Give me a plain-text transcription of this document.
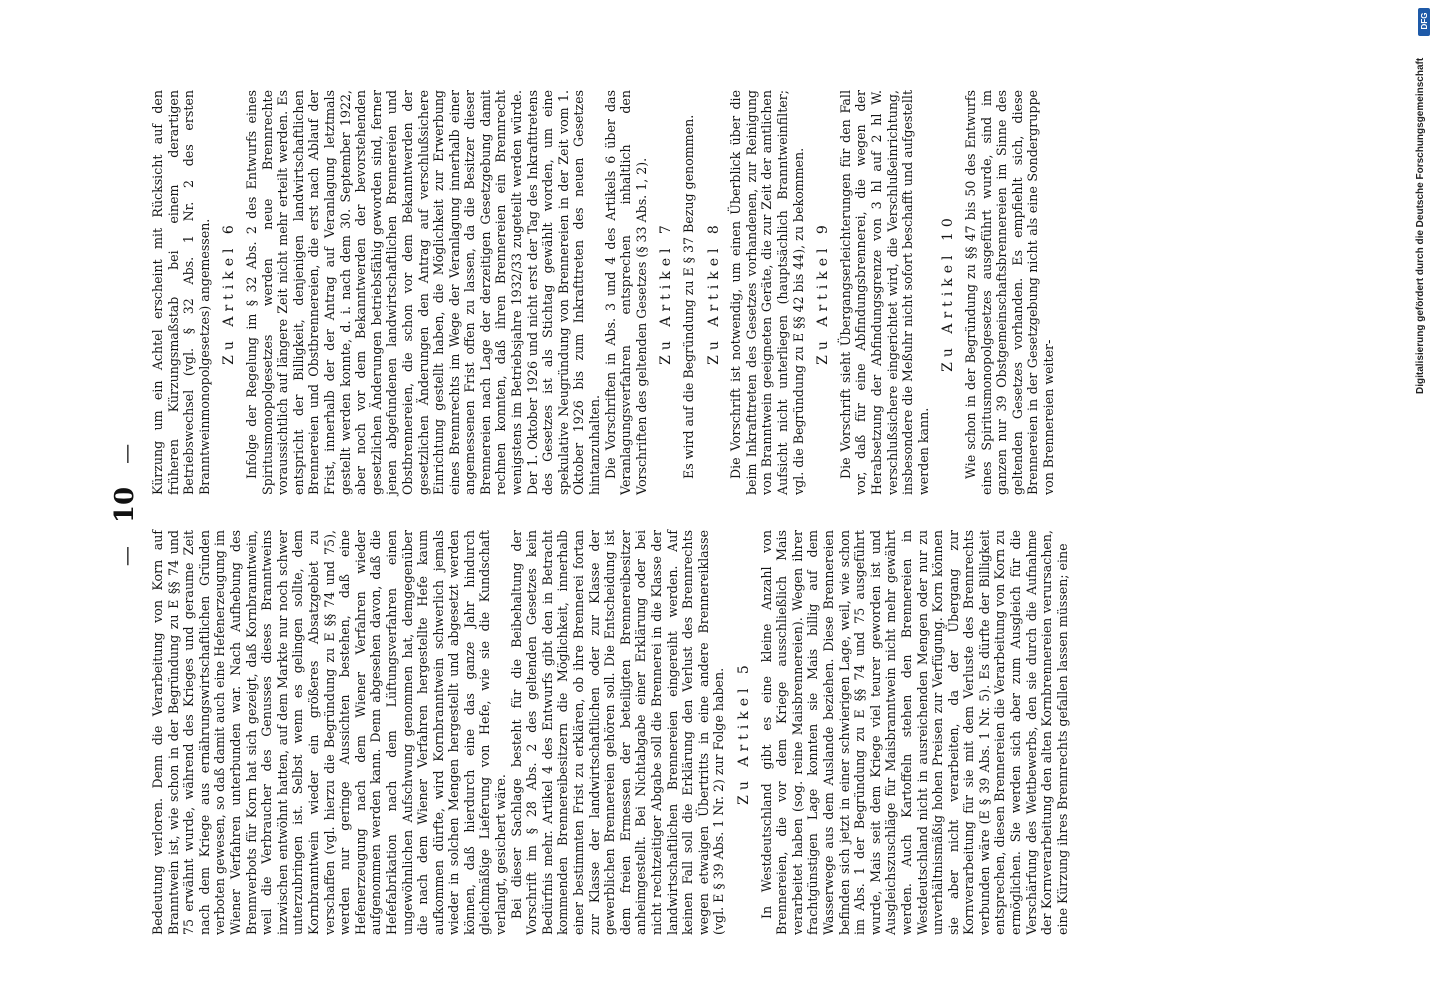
— 10 —

Bedeutung verloren. Denn die Verarbeitung von Korn auf Branntwein ist, wie schon in der Begründung zu E §§ 74 und 75 erwähnt wurde, während des Krieges und geraume Zeit nach dem Kriege aus ernährungswirtschaftlichen Gründen verboten gewesen, so daß damit auch eine Hefenerzeugung im Wiener Verfahren unterbunden war. Nach Aufhebung des Brennverbots für Korn hat sich gezeigt, daß Kornbranntwein, weil die Verbraucher des Genusses dieses Branntweins inzwischen entwöhnt hatten, auf dem Markte nur noch schwer unterzubringen ist. Selbst wenn es gelingen sollte, dem Kornbranntwein wieder ein größeres Absatzgebiet zu verschaffen (vgl. hierzu die Begründung zu E §§ 74 und 75), werden nur geringe Aussichten bestehen, daß eine Hefenerzeugung nach dem Wiener Verfahren wieder aufgenommen werden kann. Denn abgesehen davon, daß die Hefefabrikation nach dem Lüftungsverfahren einen ungewöhnlichen Aufschwung genommen hat, demgegenüber die nach dem Wiener Verfahren hergestellte Hefe kaum aufkommen dürfte, wird Kornbranntwein schwerlich jemals wieder in solchen Mengen hergestellt und abgesetzt werden können, daß hierdurch eine das ganze Jahr hindurch gleichmäßige Lieferung von Hefe, wie sie die Kundschaft verlangt, gesichert wäre. Bei dieser Sachlage besteht für die Beibehaltung der Vorschrift im § 28 Abs. 2 des geltenden Gesetzes kein Bedürfnis mehr. Artikel 4 des Entwurfs gibt den in Betracht kommenden Brennereibesitzern die Möglichkeit, innerhalb einer bestimmten Frist zu erklären, ob ihre Brennerei fortan zur Klasse der landwirtschaftlichen oder zur Klasse der gewerblichen Brennereien gehören soll. Die Entscheidung ist dem freien Ermessen der beteiligten Brennereibesitzer anheimgestellt. Bei Nichtabgabe einer Erklärung oder bei nicht rechtzeitiger Abgabe soll die Brennerei in die Klasse der landwirtschaftlichen Brennereien eingereiht werden. Auf keinen Fall soll die Erklärung den Verlust des Brennrechts wegen etwaigen Übertritts in eine andere Brennereiklasse (vgl. E § 39 Abs. 1 Nr. 2) zur Folge haben. Zu Artikel 5 In Westdeutschland gibt es eine kleine Anzahl von Brennereien, die vor dem Kriege ausschließlich Mais verarbeitet haben (sog. reine Maisbrennereien). Wegen ihrer frachtgünstigen Lage konnten sie Mais billig auf dem Wasserwege aus dem Auslande beziehen. Diese Brennereien befinden sich jetzt in einer schwierigen Lage, weil, wie schon im Abs. 1 der Begründung zu E §§ 74 und 75 ausgeführt wurde, Mais seit dem Kriege viel teurer geworden ist und Ausgleichszuschläge für Maisbranntwein nicht mehr gewährt werden. Auch Kartoffeln stehen den Brennereien in Westdeutschland nicht in ausreichenden Mengen oder nur zu unverhältnismäßig hohen Preisen zur Verfügung. Korn können sie aber nicht verarbeiten, da der Übergang zur Kornverarbeitung für sie mit dem Verluste des Brennrechts verbunden wäre (E § 39 Abs. 1 Nr. 5). Es dürfte der Billigkeit entsprechen, diesen Brennereien die Verarbeitung von Korn zu ermöglichen. Sie werden sich aber zum Ausgleich für die Verschärfung des Wettbewerbs, den sie durch die Aufnahme der Kornverarbeitung den alten Kornbrennereien verursachen, eine Kürzung ihres Brennrechts gefallen lassen müssen; eine

Kürzung um ein Achtel erscheint mit Rücksicht auf den früheren Kürzungsmaßstab bei einem derartigen Betriebswechsel (vgl. § 32 Abs. 1 Nr. 2 des ersten Branntweinmonopolgesetzes) angemessen. Zu Artikel 6 Infolge der Regelung im § 32 Abs. 2 des Entwurfs eines Spiritusmonopolgesetzes werden neue Brennrechte voraussichtlich auf längere Zeit nicht mehr erteilt werden. Es entspricht der Billigkeit, denjenigen landwirtschaftlichen Brennereien und Obstbrennereien, die erst nach Ablauf der Frist, innerhalb der der Antrag auf Veranlagung letztmals gestellt werden konnte, d. i. nach dem 30. September 1922, aber noch vor dem Bekanntwerden der bevorstehenden gesetzlichen Änderungen betriebsfähig geworden sind, ferner jenen abgefundenen landwirtschaftlichen Brennereien und Obstbrennereien, die schon vor dem Bekanntwerden der gesetzlichen Änderungen den Antrag auf verschlußsichere Einrichtung gestellt haben, die Möglichkeit zur Erwerbung eines Brennrechts im Wege der Veranlagung innerhalb einer angemessenen Frist offen zu lassen, da die Besitzer dieser Brennereien nach Lage der derzeitigen Gesetzgebung damit rechnen konnten, daß ihren Brennereien ein Brennrecht wenigstens im Betriebsjahre 1932/33 zugeteilt werden würde. Der 1. Oktober 1926 und nicht erst der Tag des Inkrafttretens des Gesetzes ist als Stichtag gewählt worden, um eine spekulative Neugründung von Brennereien in der Zeit vom 1. Oktober 1926 bis zum Inkrafttreten des neuen Gesetzes hintanzuhalten. Die Vorschriften in Abs. 3 und 4 des Artikels 6 über das Veranlagungsverfahren entsprechen inhaltlich den Vorschriften des geltenden Gesetzes (§ 33 Abs. 1, 2). Zu Artikel 7 Es wird auf die Begründung zu E § 37 Bezug genommen. Zu Artikel 8 Die Vorschrift ist notwendig, um einen Überblick über die beim Inkrafttreten des Gesetzes vorhandenen, zur Reinigung von Branntwein geeigneten Geräte, die zur Zeit der amtlichen Aufsicht nicht unterliegen (hauptsächlich Branntweinfilter; vgl. die Begründung zu E §§ 42 bis 44), zu bekommen. Zu Artikel 9 Die Vorschrift sieht Übergangserleichterungen für den Fall vor, daß für eine Abfindungsbrennerei, die wegen der Herabsetzung der Abfindungsgrenze von 3 hl auf 2 hl W. verschlußsichere eingerichtet wird, die Verschlußeinrichtung, insbesondere die Meßuhr nicht sofort beschafft und aufgestellt werden kann.

Zu Artikel 10 Wie schon in der Begründung zu §§ 47 bis 50 des Entwurfs eines Spiritusmonopolgesetzes ausgeführt wurde, sind im ganzen nur 39 Obstgemeinschaftsbrennereien im Sinne des geltenden Gesetzes vorhanden. Es empfiehlt sich, diese Brennereien in der Gesetzgebung nicht als eine Sondergruppe von Brennereien weiter-

Digitalisierung gefördert durch die Deutsche Forschungsgemeinschaft
DFG
